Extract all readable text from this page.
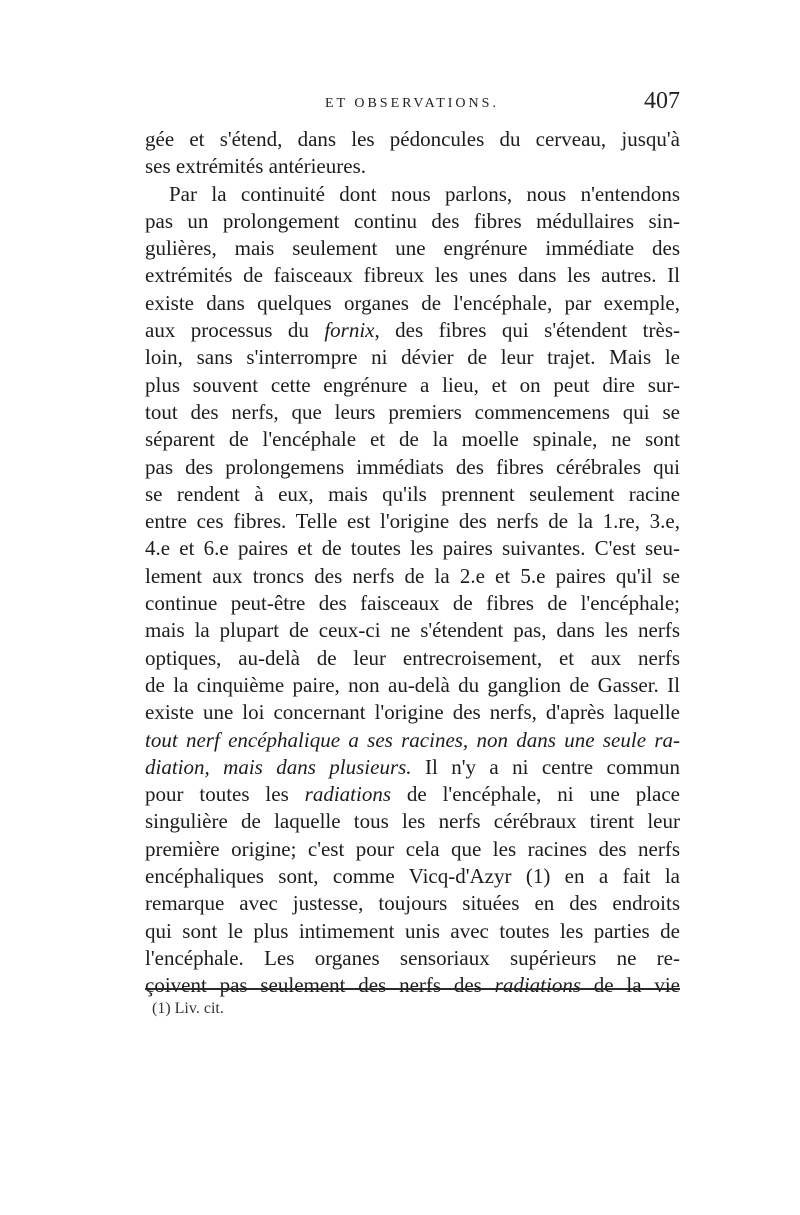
ET OBSERVATIONS.	407
gée et s'étend, dans les pédoncules du cerveau, jusqu'à
ses extrémités antérieures.
Par la continuité dont nous parlons, nous n'entendons
pas un prolongement continu des fibres médullaires sin-
gulières, mais seulement une engrénure immédiate des
extrémités de faisceaux fibreux les unes dans les autres. Il
existe dans quelques organes de l'encéphale, par exemple,
aux processus du fornix, des fibres qui s'étendent très-
loin, sans s'interrompre ni dévier de leur trajet. Mais le
plus souvent cette engrénure a lieu, et on peut dire sur-
tout des nerfs, que leurs premiers commencemens qui se
séparent de l'encéphale et de la moelle spinale, ne sont
pas des prolongemens immédiats des fibres cérébrales qui
se rendent à eux, mais qu'ils prennent seulement racine
entre ces fibres. Telle est l'origine des nerfs de la 1.re, 3.e,
4.e et 6.e paires et de toutes les paires suivantes. C'est seu-
lement aux troncs des nerfs de la 2.e et 5.e paires qu'il se
continue peut-être des faisceaux de fibres de l'encéphale;
mais la plupart de ceux-ci ne s'étendent pas, dans les nerfs
optiques, au-delà de leur entrecroisement, et aux nerfs
de la cinquième paire, non au-delà du ganglion de Gasser. Il
existe une loi concernant l'origine des nerfs, d'après laquelle
tout nerf encéphalique a ses racines, non dans une seule ra-
diation, mais dans plusieurs. Il n'y a ni centre commun
pour toutes les radiations de l'encéphale, ni une place
singulière de laquelle tous les nerfs cérébraux tirent leur
première origine; c'est pour cela que les racines des nerfs
encéphaliques sont, comme Vicq-d'Azyr (1) en a fait la
remarque avec justesse, toujours situées en des endroits
qui sont le plus intimement unis avec toutes les parties de
l'encéphale. Les organes sensoriaux supérieurs ne re-
çoivent pas seulement des nerfs des radiations de la vie
(1) Liv. cit.
